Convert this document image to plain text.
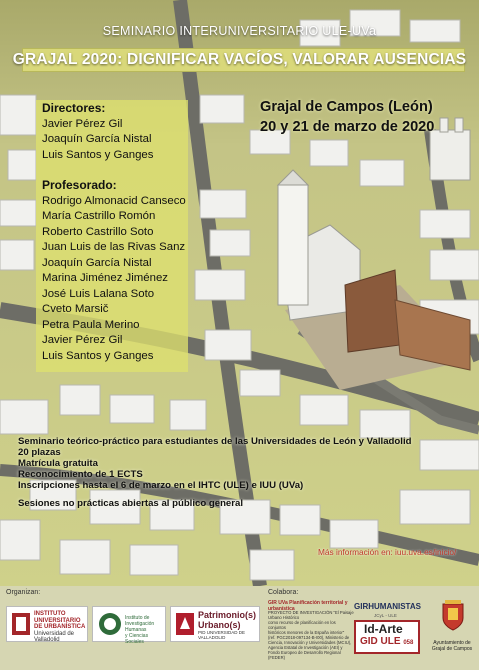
SEMINARIO INTERUNIVERSITARIO ULE-UVa
GRAJAL 2020: DIGNIFICAR VACÍOS, VALORAR AUSENCIAS
Directores:
Javier Pérez Gil
Joaquín García Nistal
Luis Santos y Ganges
Profesorado:
Rodrigo Almonacid Canseco
María Castrillo Romón
Roberto Castrillo Soto
Juan Luis de las Rivas Sanz
Joaquín García Nistal
Marina Jiménez Jiménez
José Luis Lalana Soto
Cveto Marsič
Petra Paula Merino
Javier Pérez Gil
Luis Santos y Ganges
Grajal de Campos (León)
20 y 21 de marzo de 2020
Seminario teórico-práctico para estudiantes de las Universidades de León y Valladolid
20 plazas
Matrícula gratuita
Reconocimiento de 1 ECTS
Inscripciones hasta el 6 de marzo en el IHTC (ULE) e IUU (UVa)
Sesiones no prácticas abiertas al público general
Más información en: iuu.uva.es/inicio/
Organizan:	Colabora:
INSTITUTO
UNIVERSITARIO
DE URBANÍSTICA
Universidad de Valladolid
Instituto de
Investigación Humanas
y Ciencias Sociales
Patrimonio(s)
Urbano(s)
PID UNIVERSIDAD DE VALLADOLID
GIR UVa Planificación territorial y urbanística
PROYECTO DE INVESTIGACIÓN "El Paisaje Urbano Histórico
como recurso de planificación en los conjuntos
históricos menores de la España interior"
(ref. PGC2018-097134-B-I00), Ministerio de
Ciencia, Innovación y Universidades (MCIU),
Agencia Estatal de Investigación (AEI) y
Fondo Europeo de Desarrollo Regional (FEDER)
GIRHUMANISTAS
JCyL - ULE
Id-Arte
GID ULE 058	Ayuntamiento de
Grajal de Campos
